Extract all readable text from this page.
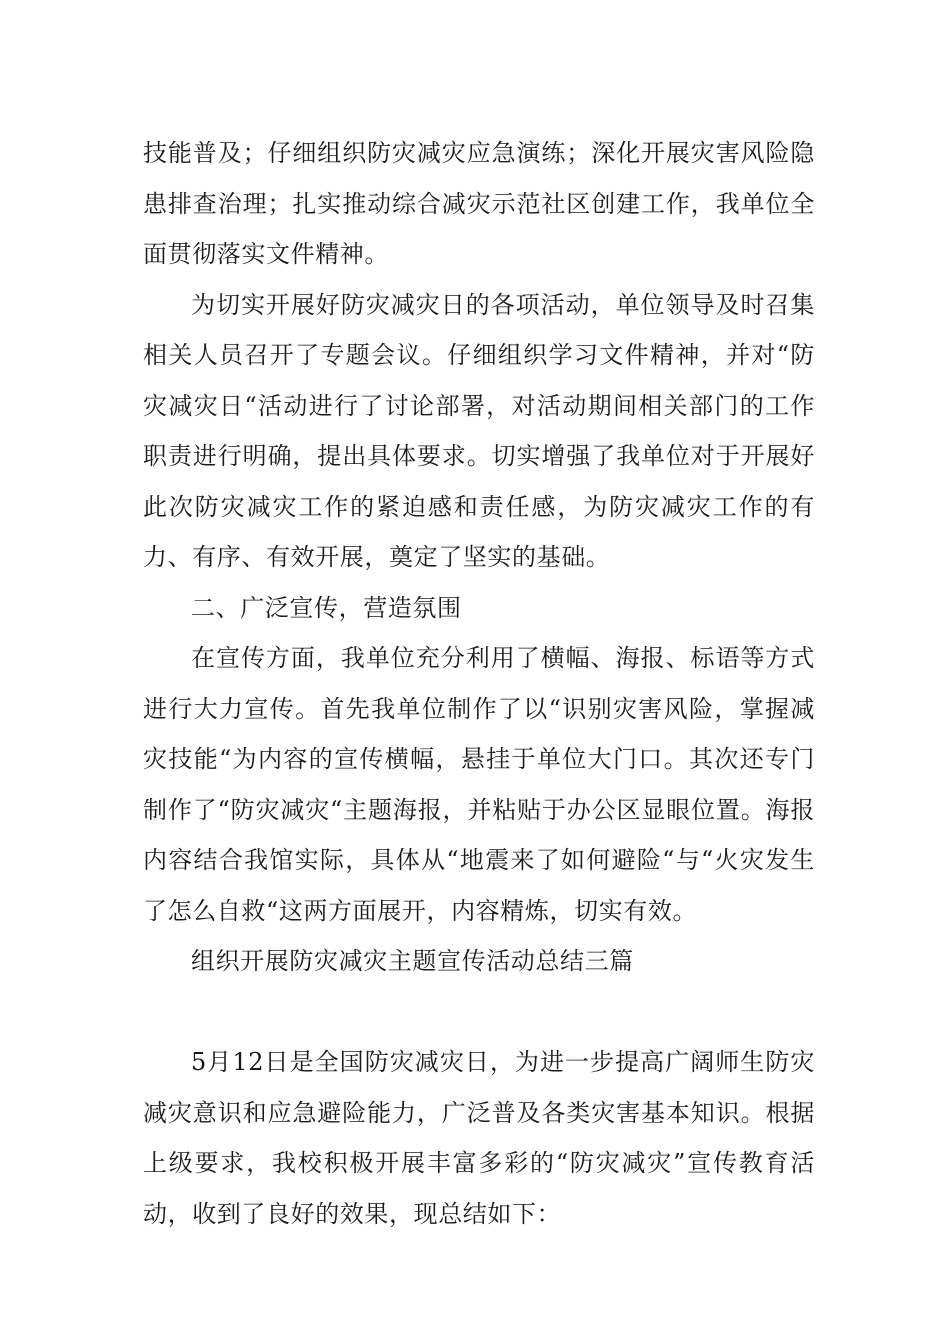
技能普及；仔细组织防灾减灾应急演练；深化开展灾害风险隐患排查治理；扎实推动综合减灾示范社区创建工作，我单位全面贯彻落实文件精神。

为切实开展好防灾减灾日的各项活动，单位领导及时召集相关人员召开了专题会议。仔细组织学习文件精神，并对“防灾减灾日“活动进行了讨论部署，对活动期间相关部门的工作职责进行明确，提出具体要求。切实增强了我单位对于开展好此次防灾减灾工作的紧迫感和责任感，为防灾减灾工作的有力、有序、有效开展，奠定了坚实的基础。

二、广泛宣传，营造氛围

在宣传方面，我单位充分利用了横幅、海报、标语等方式进行大力宣传。首先我单位制作了以“识别灾害风险，掌握减灾技能“为内容的宣传横幅，悬挂于单位大门口。其次还专门制作了“防灾减灾“主题海报，并粘贴于办公区显眼位置。海报内容结合我馆实际，具体从“地震来了如何避险“与“火灾发生了怎么自救“这两方面展开，内容精炼，切实有效。

组织开展防灾减灾主题宣传活动总结三篇

5月12日是全国防灾减灾日，为进一步提高广阔师生防灾减灾意识和应急避险能力，广泛普及各类灾害基本知识。根据上级要求，我校积极开展丰富多彩的“防灾减灾”宣传教育活动，收到了良好的效果，现总结如下：
